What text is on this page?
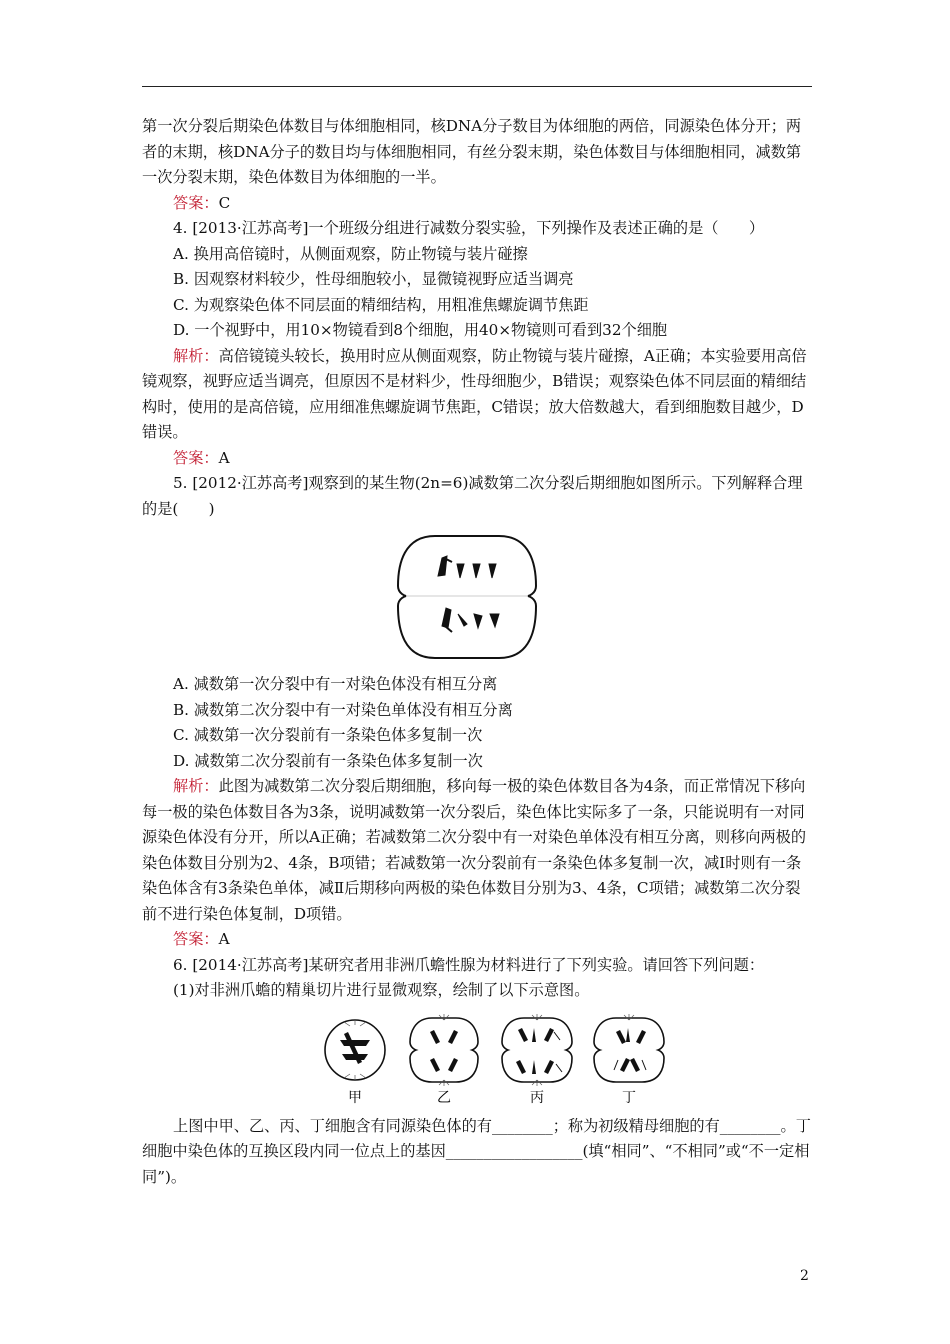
第一次分裂后期染色体数目与体细胞相同，核DNA分子数目为体细胞的两倍，同源染色体分开；两者的末期，核DNA分子的数目均与体细胞相同，有丝分裂末期，染色体数目与体细胞相同，减数第一次分裂末期，染色体数目为体细胞的一半。

答案：C

4. [2013·江苏高考]一个班级分组进行减数分裂实验，下列操作及表述正确的是（　　）

A. 换用高倍镜时，从侧面观察，防止物镜与装片碰擦

B. 因观察材料较少，性母细胞较小，显微镜视野应适当调亮

C. 为观察染色体不同层面的精细结构，用粗准焦螺旋调节焦距

D. 一个视野中，用10×物镜看到8个细胞，用40×物镜则可看到32个细胞

解析：高倍镜镜头较长，换用时应从侧面观察，防止物镜与装片碰擦，A正确；本实验要用高倍镜观察，视野应适当调亮，但原因不是材料少，性母细胞少，B错误；观察染色体不同层面的精细结构时，使用的是高倍镜，应用细准焦螺旋调节焦距，C错误；放大倍数越大，看到细胞数目越少，D错误。

答案：A

5. [2012·江苏高考]观察到的某生物(2n=6)减数第二次分裂后期细胞如图所示。下列解释合理的是(　　)

A. 减数第一次分裂中有一对染色体没有相互分离

B. 减数第二次分裂中有一对染色单体没有相互分离

C. 减数第一次分裂前有一条染色体多复制一次

D. 减数第二次分裂前有一条染色体多复制一次

解析：此图为减数第二次分裂后期细胞，移向每一极的染色体数目各为4条，而正常情况下移向每一极的染色体数目各为3条，说明减数第一次分裂后，染色体比实际多了一条，只能说明有一对同源染色体没有分开，所以A正确；若减数第二次分裂中有一对染色单体没有相互分离，则移向两极的染色体数目分别为2、4条，B项错；若减数第一次分裂前有一条染色体多复制一次，减Ⅰ时则有一条染色体含有3条染色单体，减Ⅱ后期移向两极的染色体数目分别为3、4条，C项错；减数第二次分裂前不进行染色体复制，D项错。

答案：A

6. [2014·江苏高考]某研究者用非洲爪蟾性腺为材料进行了下列实验。请回答下列问题：

(1)对非洲爪蟾的精巢切片进行显微观察，绘制了以下示意图。

甲	乙	丙	丁

上图中甲、乙、丙、丁细胞含有同源染色体的有________；称为初级精母细胞的有________。丁细胞中染色体的互换区段内同一位点上的基因__________________(填“相同”、“不相同”或“不一定相同”)。

2
